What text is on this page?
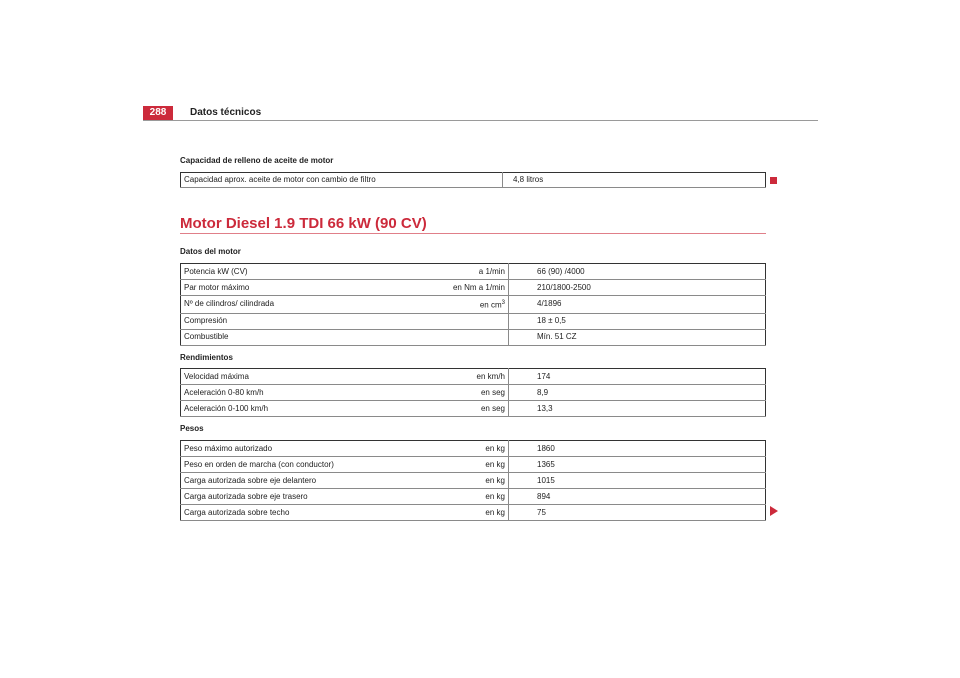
288	Datos técnicos
Capacidad de relleno de aceite de motor
Capacidad aprox. aceite de motor con cambio de filtro	4,8 litros
Motor Diesel 1.9 TDI 66 kW (90 CV)
Datos del motor
Potencia kW (CV)	a 1/min	66 (90) /4000
Par motor máximo	en Nm a 1/min	210/1800-2500
Nº de cilindros/ cilindrada	en $cm^3$	4/1896
Compresión		18 ± 0,5
Combustible		Mín. 51 CZ
Rendimientos
Velocidad máxima	en km/h	174
Aceleración 0-80 km/h	en seg	8,9
Aceleración 0-100 km/h	en seg	13,3
Pesos
Peso máximo autorizado	en kg	1860
Peso en orden de marcha (con conductor)	en kg	1365
Carga autorizada sobre eje delantero	en kg	1015
Carga autorizada sobre eje trasero	en kg	894
Carga autorizada sobre techo	en kg	75
